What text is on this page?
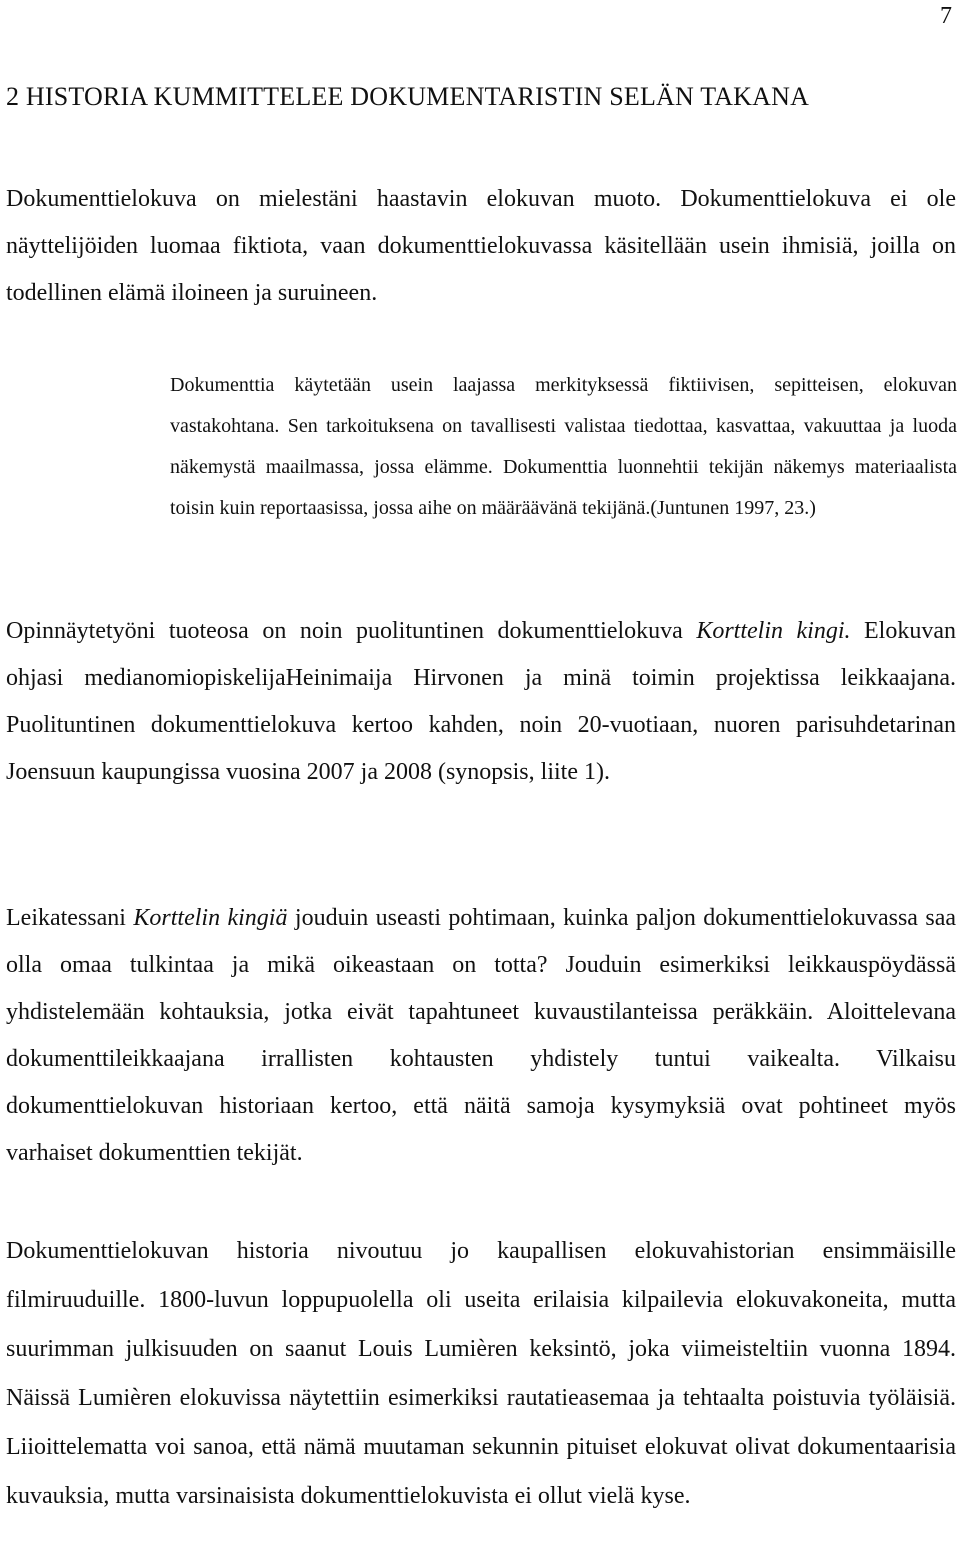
7
2 HISTORIA KUMMITTELEE DOKUMENTARISTIN SELÄN TAKANA

Dokumenttielokuva on mielestäni haastavin elokuvan muoto. Dokumenttielokuva ei ole näyttelijöiden luomaa fiktiota, vaan dokumenttielokuvassa käsitellään usein ihmisiä, joilla on todellinen elämä iloineen ja suruineen.

Dokumenttia käytetään usein laajassa merkityksessä fiktiivisen, sepitteisen, elokuvan vastakohtana. Sen tarkoituksena on tavallisesti valistaa tiedottaa, kasvattaa, vakuuttaa ja luoda näkemystä maailmassa, jossa elämme. Dokumenttia luonnehtii tekijän näkemys materiaalista toisin kuin reportaasissa, jossa aihe on määräävänä tekijänä.(Juntunen 1997, 23.)

Opinnäytetyöni tuoteosa on noin puolituntinen dokumenttielokuva Korttelin kingi. Elokuvan ohjasi medianomiopiskelijaHeinimaija Hirvonen ja minä toimin projektissa leikkaajana. Puolituntinen dokumenttielokuva kertoo kahden, noin 20-vuotiaan, nuoren parisuhdetarinan Joensuun kaupungissa vuosina 2007 ja 2008 (synopsis, liite 1).

Leikatessani Korttelin kingiä jouduin useasti pohtimaan, kuinka paljon dokumenttielokuvassa saa olla omaa tulkintaa ja mikä oikeastaan on totta? Jouduin esimerkiksi leikkauspöydässä yhdistelemään kohtauksia, jotka eivät tapahtuneet kuvaustilanteissa peräkkäin. Aloittelevana dokumenttileikkaajana irrallisten kohtausten yhdistely tuntui vaikealta. Vilkaisu dokumenttielokuvan historiaan kertoo, että näitä samoja kysymyksiä ovat pohtineet myös varhaiset dokumenttien tekijät.

Dokumenttielokuvan historia nivoutuu jo kaupallisen elokuvahistorian ensimmäisille filmiruuduille. 1800-luvun loppupuolella oli useita erilaisia kilpailevia elokuvakoneita, mutta suurimman julkisuuden on saanut Louis Lumièren keksintö, joka viimeisteltiin vuonna 1894. Näissä Lumièren elokuvissa näytettiin esimerkiksi rautatieasemaa ja tehtaalta poistuvia työläisiä. Liioittelematta voi sanoa, että nämä muutaman sekunnin pituiset elokuvat olivat dokumentaarisia kuvauksia, mutta varsinaisista dokumenttielokuvista ei ollut vielä kyse.
